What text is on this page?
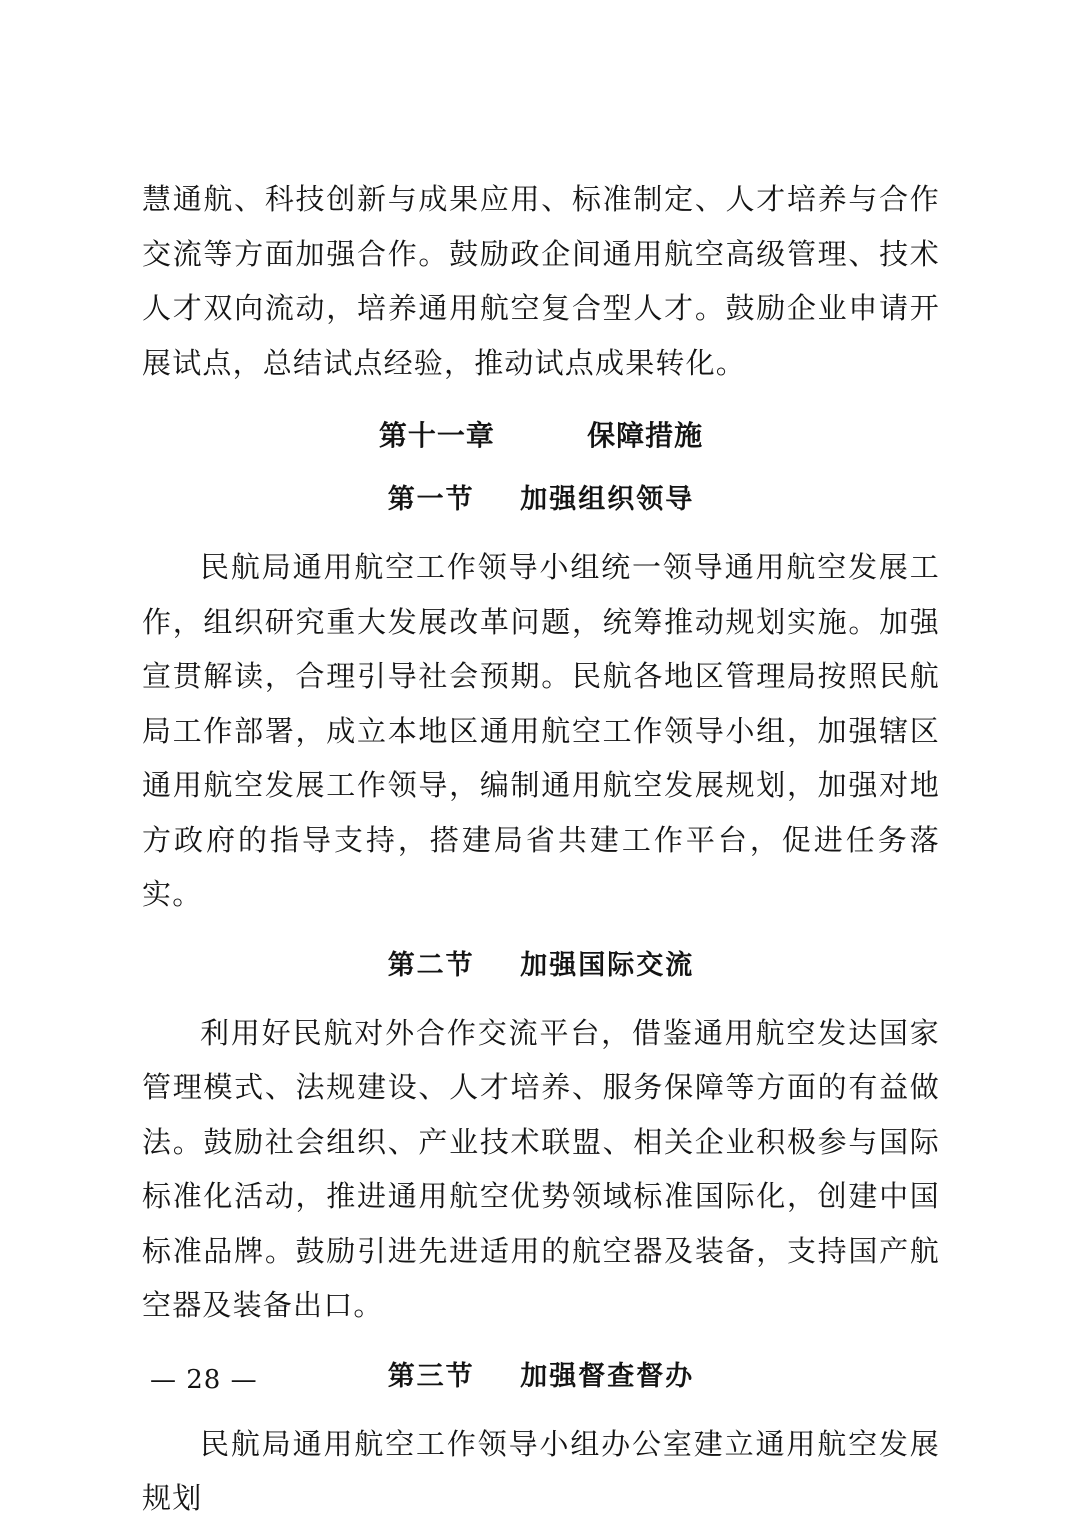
慧通航、科技创新与成果应用、标准制定、人才培养与合作交流等方面加强合作。鼓励政企间通用航空高级管理、技术人才双向流动，培养通用航空复合型人才。鼓励企业申请开展试点，总结试点经验，推动试点成果转化。

第十一章   保障措施
第一节    加强组织领导

民航局通用航空工作领导小组统一领导通用航空发展工作，组织研究重大发展改革问题，统筹推动规划实施。加强宣贯解读，合理引导社会预期。民航各地区管理局按照民航局工作部署，成立本地区通用航空工作领导小组，加强辖区通用航空发展工作领导，编制通用航空发展规划，加强对地方政府的指导支持，搭建局省共建工作平台，促进任务落实。

第二节    加强国际交流

利用好民航对外合作交流平台，借鉴通用航空发达国家管理模式、法规建设、人才培养、服务保障等方面的有益做法。鼓励社会组织、产业技术联盟、相关企业积极参与国际标准化活动，推进通用航空优势领域标准国际化，创建中国标准品牌。鼓励引进先进适用的航空器及装备，支持国产航空器及装备出口。

第三节    加强督查督办

民航局通用航空工作领导小组办公室建立通用航空发展规划

— 28 —
